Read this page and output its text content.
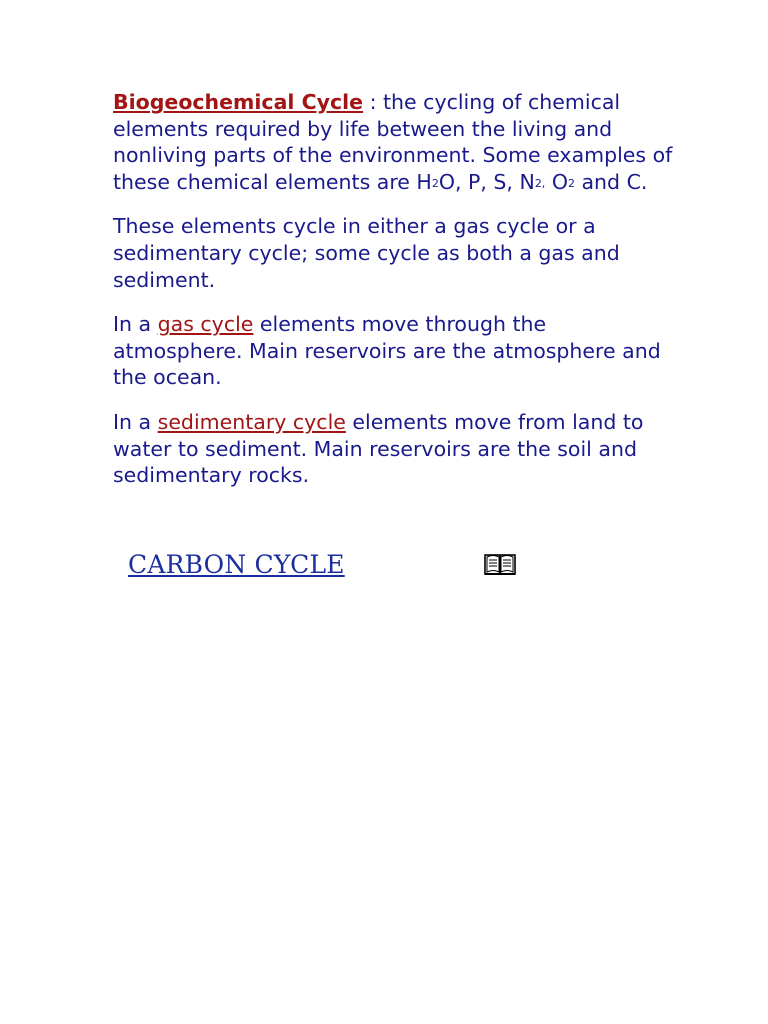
Biogeochemical Cycle : the cycling of chemical elements required by life between the living and nonliving parts of the environment. Some examples of these chemical elements are $H_2O$, P, S, $N_{2,}$ $O_2$ and C.

These elements cycle in either a gas cycle or a sedimentary cycle; some cycle as both a gas and sediment.

In a gas cycle elements move through the atmosphere. Main reservoirs are the atmosphere and the ocean.

In a sedimentary cycle elements move from land to water to sediment. Main reservoirs are the soil and sedimentary rocks.

CARBON CYCLE
